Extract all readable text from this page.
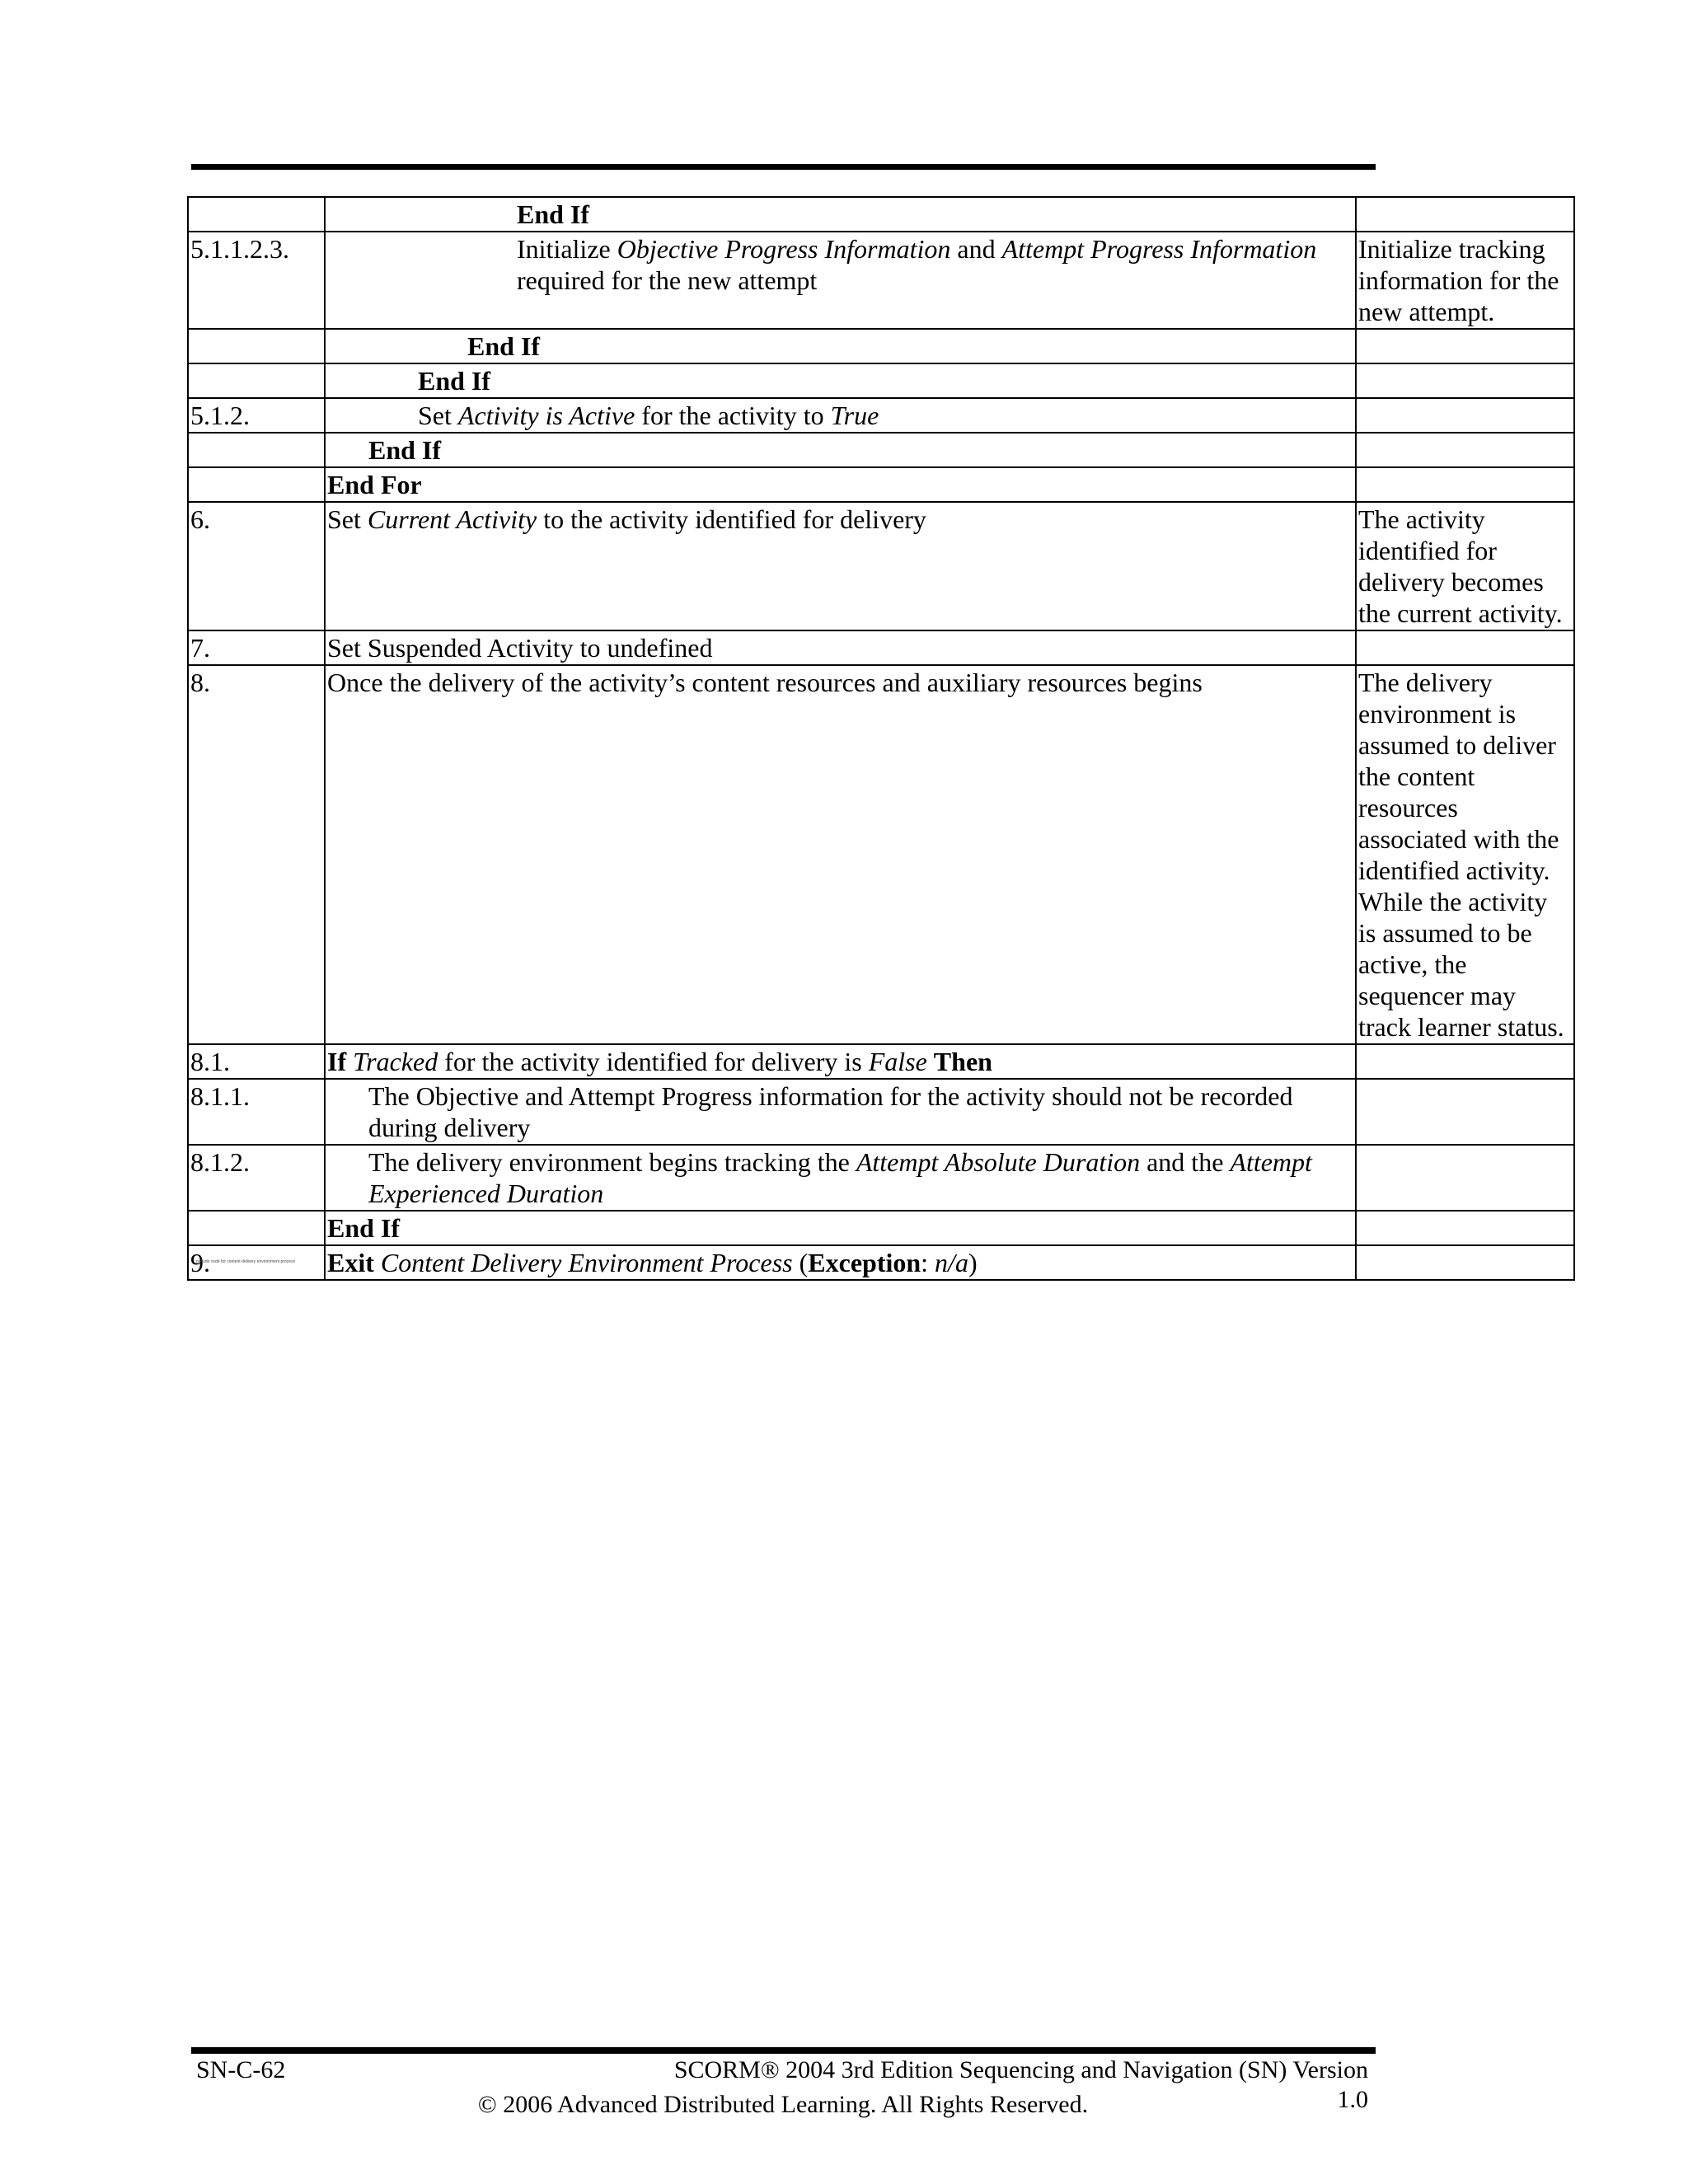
	End If	
5.1.1.2.3.	Initialize Objective Progress Information and Attempt Progress Information required for the new attempt	Initialize tracking information for the new attempt.
	End If	
	End If	
5.1.2.	Set Activity is Active for the activity to True	
	End If	
	End For	
6.	Set Current Activity to the activity identified for delivery	The activity identified for delivery becomes the current activity.
7.	Set Suspended Activity to undefined	
8.	Once the delivery of the activity’s content resources and auxiliary resources begins	The delivery environment is assumed to deliver the content resources associated with the identified activity. While the activity is assumed to be active, the sequencer may track learner status.
8.1.	If Tracked for the activity identified for delivery is False Then	
8.1.1.	The Objective and Attempt Progress information for the activity should not be recorded during delivery	
8.1.2.	The delivery environment begins tracking the Attempt Absolute Duration and the Attempt Experienced Duration	
	End If	
9.	Exit Content Delivery Environment Process (Exception: n/a)	
pseudo code for content delivery environment process
SN-C-62	SCORM® 2004 3rd Edition Sequencing and Navigation (SN) Version 1.0
© 2006 Advanced Distributed Learning. All Rights Reserved.
